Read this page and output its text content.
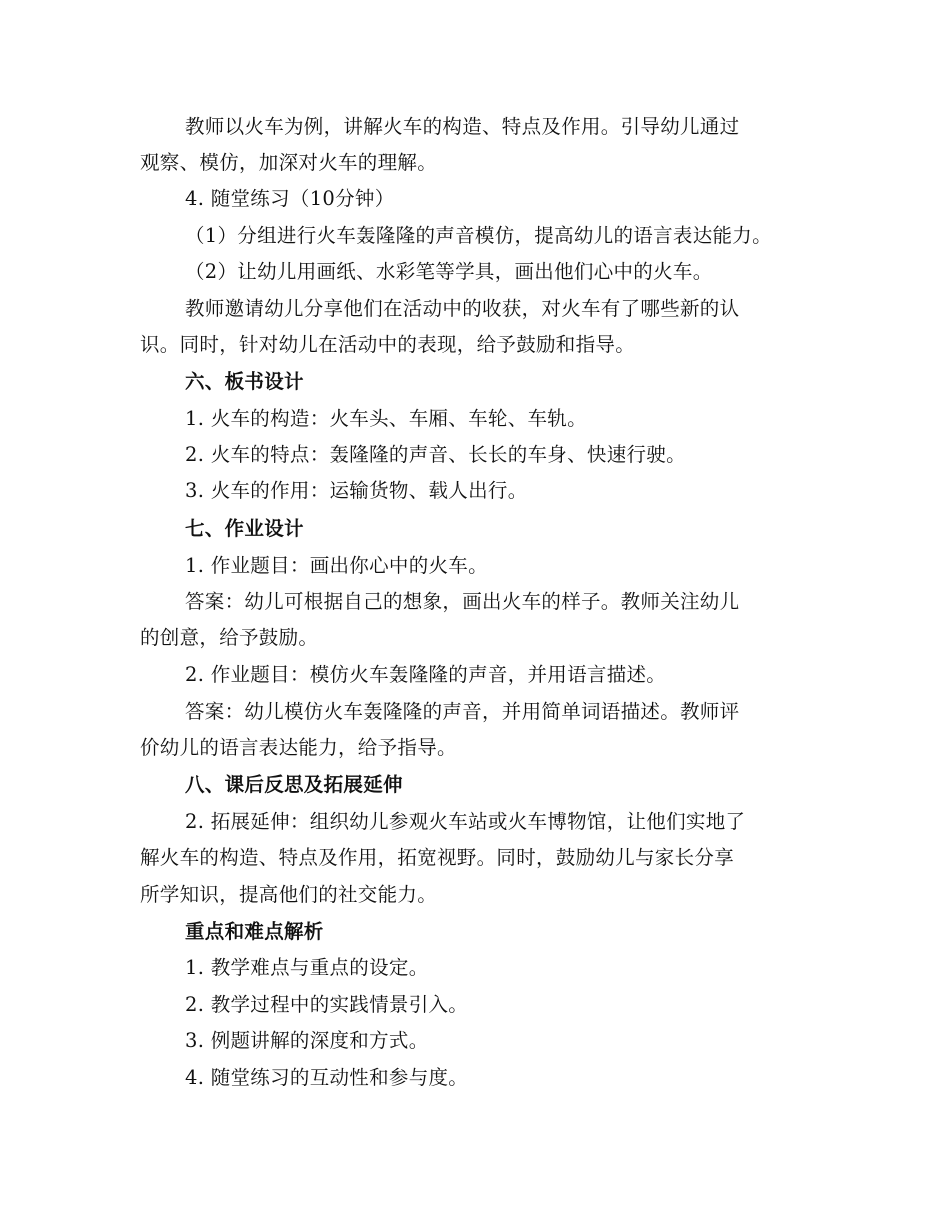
教师以火车为例，讲解火车的构造、特点及作用。引导幼儿通过
观察、模仿，加深对火车的理解。
4. 随堂练习（10分钟）
（1）分组进行火车轰隆隆的声音模仿，提高幼儿的语言表达能力。
（2）让幼儿用画纸、水彩笔等学具，画出他们心中的火车。
教师邀请幼儿分享他们在活动中的收获，对火车有了哪些新的认
识。同时，针对幼儿在活动中的表现，给予鼓励和指导。
六、板书设计
1. 火车的构造：火车头、车厢、车轮、车轨。
2. 火车的特点：轰隆隆的声音、长长的车身、快速行驶。
3. 火车的作用：运输货物、载人出行。
七、作业设计
1. 作业题目：画出你心中的火车。
答案：幼儿可根据自己的想象，画出火车的样子。教师关注幼儿
的创意，给予鼓励。
2. 作业题目：模仿火车轰隆隆的声音，并用语言描述。
答案：幼儿模仿火车轰隆隆的声音，并用简单词语描述。教师评
价幼儿的语言表达能力，给予指导。
八、课后反思及拓展延伸
2. 拓展延伸：组织幼儿参观火车站或火车博物馆，让他们实地了
解火车的构造、特点及作用，拓宽视野。同时，鼓励幼儿与家长分享
所学知识，提高他们的社交能力。
重点和难点解析
1. 教学难点与重点的设定。
2. 教学过程中的实践情景引入。
3. 例题讲解的深度和方式。
4. 随堂练习的互动性和参与度。
